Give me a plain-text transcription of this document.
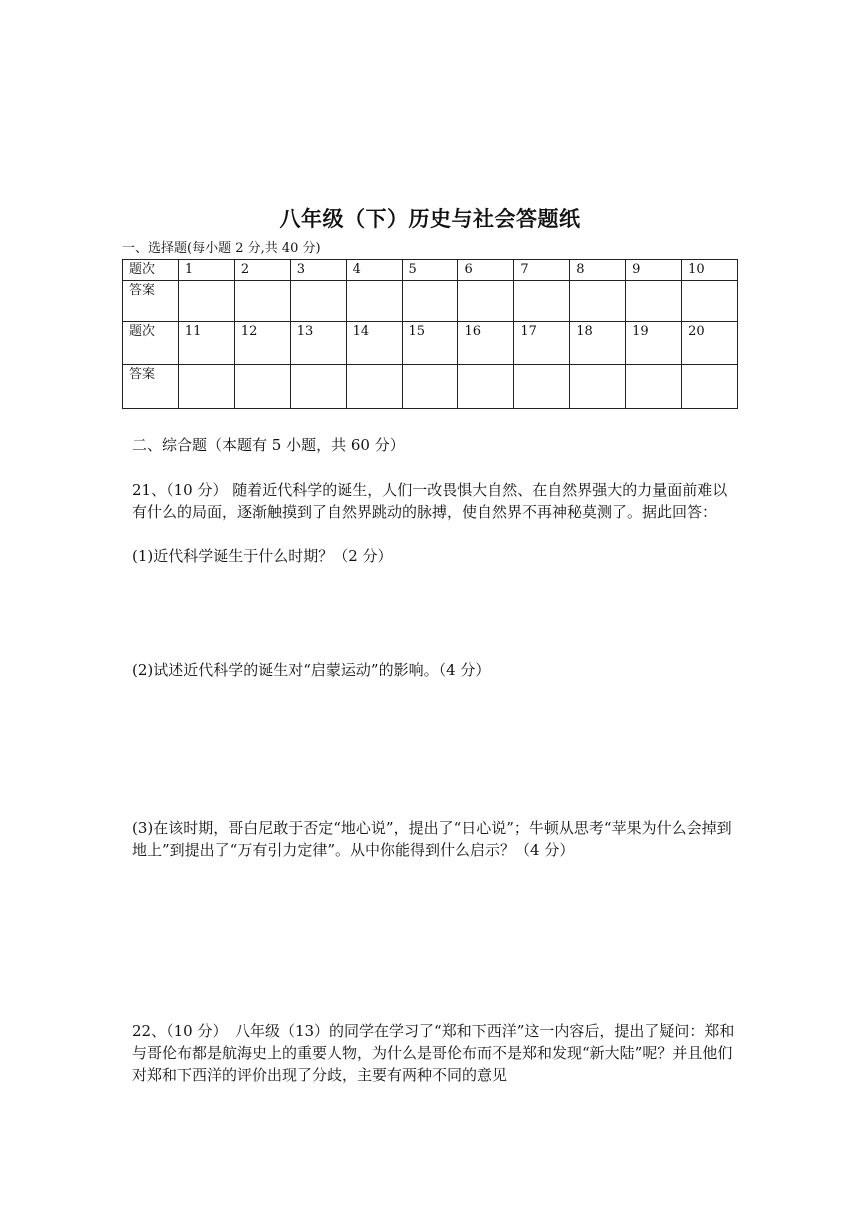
八年级（下）历史与社会答题纸
一、选择题(每小题 2 分,共 40 分)
题次	1	2	3	4	5	6	7	8	9	10
答案										
题次	11	12	13	14	15	16	17	18	19	20
答案										

二、综合题（本题有 5 小题，共 60 分）

21、（10 分） 随着近代科学的诞生，人们一改畏惧大自然、在自然界强大的力量面前难以有什么的局面，逐渐触摸到了自然界跳动的脉搏，使自然界不再神秘莫测了。据此回答：

(1)近代科学诞生于什么时期？（2 分）

(2)试述近代科学的诞生对“启蒙运动”的影响。（4 分）

(3)在该时期，哥白尼敢于否定“地心说”，提出了“日心说”；牛顿从思考“苹果为什么会掉到地上”到提出了“万有引力定律”。从中你能得到什么启示？（4 分）

22、（10 分）　八年级（13）的同学在学习了“郑和下西洋”这一内容后，提出了疑问：郑和与哥伦布都是航海史上的重要人物，为什么是哥伦布而不是郑和发现“新大陆”呢？并且他们对郑和下西洋的评价出现了分歧，主要有两种不同的意见
